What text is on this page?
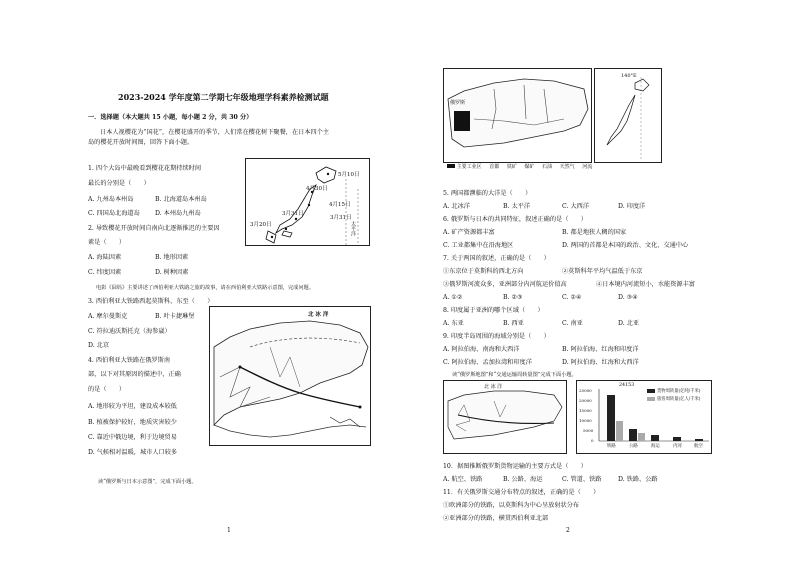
2023-2024 学年度第二学期七年级地理学科素养检测试题
一．选择题（本大题共 15 小题，每小题 2 分，共 30 分）
日本人视樱花为“国花”，在樱花盛开的季节，人们常在樱花树下聚餐，在日本四个主
岛的樱花开放时间图，回答下面小题。
1. 四个大岛中最晚看到樱花花期持续时间
最长的分别是（　　）
A. 九州岛本州岛	B. 北海道岛本州岛
C. 四国岛北海道岛 D. 本州岛九州岛
2. 导致樱花开放时间自南向北逐渐推迟的主要因
素是（　　）
A. 海陆因素	B. 地形因素
C. 纬度因素	D. 树种因素
电影《囧妈》主要讲述了西伯利亚大铁路之旅的故事，请在西伯利亚大铁路示意图，完成问题。
3. 西伯利亚大铁路西起莫斯科，东至（　　）
A. 摩尔曼斯克	B. 叶卡捷琳堡
C. 符拉迪沃斯托克（海参崴）
D. 北京
4. 西伯利亚大铁路在俄罗斯南
部，以下对其原因的描述中，正确
的是（　　）
A. 地形较为平坦，建设成本较低
B. 植被保护较好，地质灾害较少
C. 靠近中俄边境，利于边境贸易
D. 气候相对温暖，城市人口较多
读“俄罗斯与日本示意图”，完成下面小题。
1
5月10日
4月30日
4月15日
3月31日
3月20日
3月31日
太平洋
北 冰 洋
俄罗斯
140°E
主要工业区 首都 铁矿 煤矿 石油 天然气 河流
5. 两国都濒临的大洋是（　　）
A. 北冰洋	B. 太平洋	C. 大西洋	D. 印度洋
6. 俄罗斯与日本的共同特征，叙述正确的是（　　）
A. 矿产资源都丰富	B. 都是地狭人稠的国家
C. 工业都集中在沿海地区	D. 两国的首都是本国的政治、文化、交通中心
7. 关于两国的叙述，正确的是（　　）
①东京位于莫斯科的西北方向	②莫斯科年平均气温低于东京
③俄罗斯河流众多，亚洲部分内河航运价值高	④日本境内河流短小，水能资源丰富
A. ①②	B. ②③	C. ②④	D. ③④
8. 印度属于亚洲的哪个区域（　　）
A. 东亚	B. 西亚	C. 南亚	D. 北亚
9. 印度半岛周围的海域分别是（　　）
A. 阿拉伯海、南海和大西洋	B. 阿拉伯海、红海和印度洋
C. 阿拉伯海、孟加拉湾和印度洋	D. 阿拉伯海、红海和大西洋
读“俄罗斯地图”和“交通运输周转量图”完成下面小题。
北 冰 洋	24153
货物周转量(亿吨/千米)
旅客周转量(亿人/千米)
25000
20000
15000
10000
5000
0
铁路	公路	海运	内河	航空
10．据图推断俄罗斯货物运输的主要方式是（　　）
A. 航空、铁路	B. 公路、海运	C. 管道、铁路	D. 铁路、公路
11．有关俄罗斯交通分布特点的叙述，正确的是（　　）
①欧洲部分的铁路，以莫斯科为中心呈放射状分布
②亚洲部分的铁路，横贯西伯利亚北部
2
